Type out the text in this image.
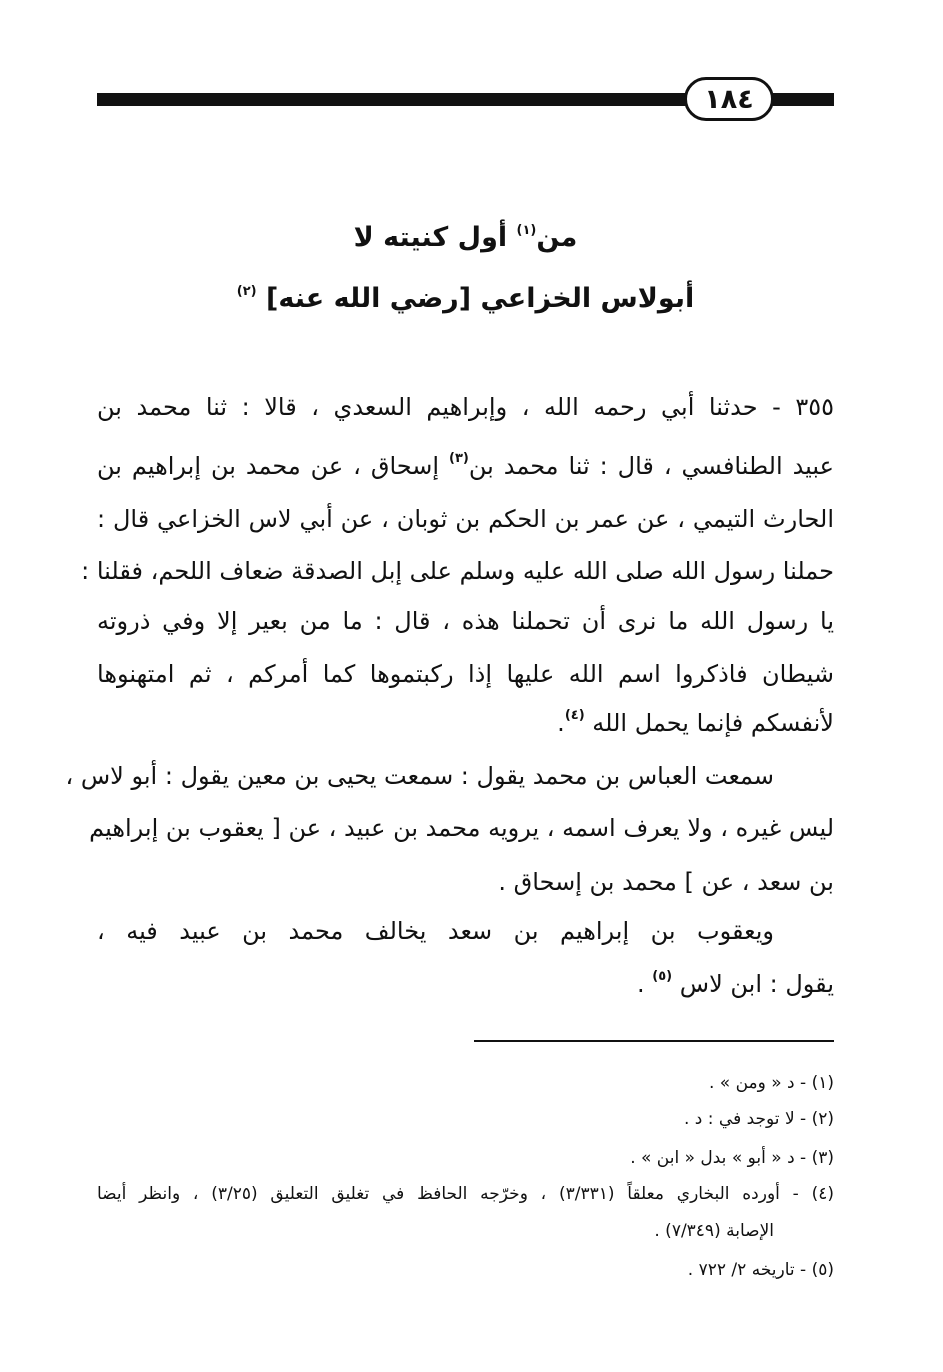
١٨٤
من$^{(١)}$ أول كنيته لا
أبولاس الخزاعي [رضي الله عنه] $^{(٢)}$
٣٥٥ - حدثنا أبي رحمه الله ، وإبراهيم السعدي ، قالا : ثنا محمد بن
عبيد الطنافسي ، قال : ثنا محمد بن$^{(٣)}$ إسحاق ، عن محمد بن إبراهيم بن
الحارث التيمي ، عن عمر بن الحكم بن ثوبان ، عن أبي لاس الخزاعي قال :
حملنا رسول الله صلى الله عليه وسلم على إبل الصدقة ضعاف اللحم، فقلنا :
يا رسول الله ما نرى أن تحملنا هذه ، قال : ما من بعير إلا وفي ذروته
شيطان فاذكروا اسم الله عليها إذا ركبتموها كما أمركم ، ثم امتهنوها
لأنفسكم فإنما يحمل الله $^{(٤)}$.
سمعت العباس بن محمد يقول : سمعت يحيى بن معين يقول : أبو لاس ،
ليس غيره ، ولا يعرف اسمه ، يرويه محمد بن عبيد ، عن [ يعقوب بن إبراهيم
بن سعد ، عن ] محمد بن إسحاق .
ويعقوب بن إبراهيم بن سعد يخالف محمد بن عبيد فيه ،
يقول : ابن لاس $^{(٥)}$ .
(١) - د « ومن » .
(٢) - لا توجد في : د .
(٣) - د « أبو » بدل « ابن » .
(٤) - أورده البخاري معلقاً (٣/٣٣١) ، وخرّجه الحافظ في تغليق التعليق (٣/٢٥) ، وانظر أيضا
الإصابة (٧/٣٤٩) .
(٥) - تاريخه ٢/ ٧٢٢ .
